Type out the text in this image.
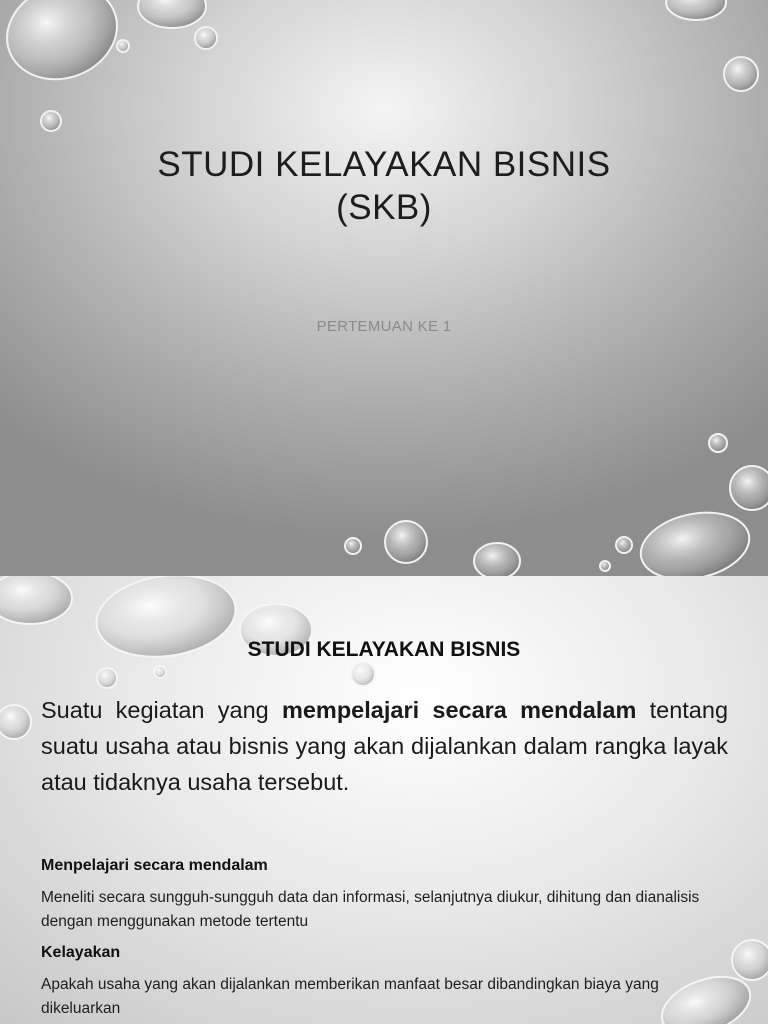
STUDI KELAYAKAN BISNIS
(SKB)
PERTEMUAN KE 1
STUDI KELAYAKAN BISNIS
Suatu kegiatan yang mempelajari secara mendalam tentang suatu usaha atau bisnis yang akan dijalankan dalam rangka layak atau tidaknya usaha tersebut.
Menpelajari secara mendalam
Meneliti secara sungguh-sungguh data dan informasi, selanjutnya diukur, dihitung dan dianalisis dengan menggunakan metode tertentu
Kelayakan
Apakah usaha yang akan dijalankan memberikan manfaat besar dibandingkan biaya yang dikeluarkan
